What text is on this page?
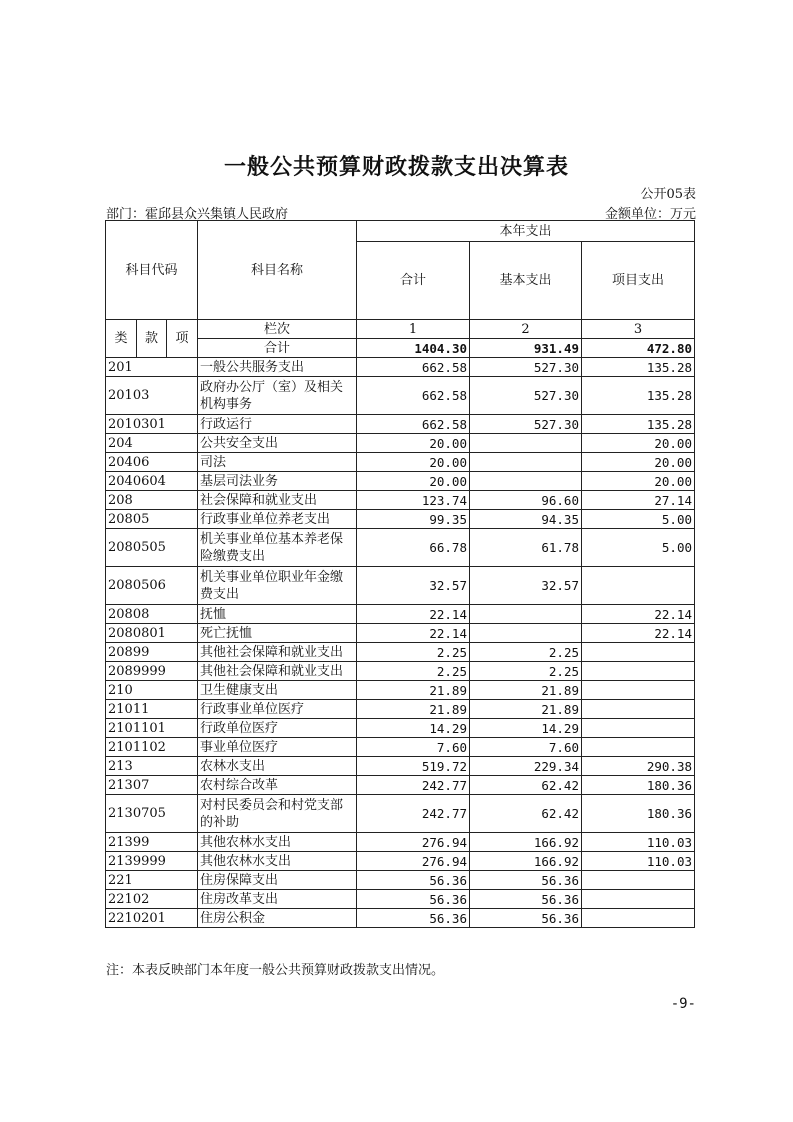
一般公共预算财政拨款支出决算表
公开05表
部门：霍邱县众兴集镇人民政府	金额单位：万元
科目代码			科目名称	本年支出		
				合计	基本支出	项目支出
类	款	项	栏次	1	2	3
			合计	1404.30	931.49	472.80
201			一般公共服务支出	662.58	527.30	135.28
20103			政府办公厅（室）及相关机构事务	662.58	527.30	135.28
2010301			行政运行	662.58	527.30	135.28
204			公共安全支出	20.00		20.00
20406			司法	20.00		20.00
2040604			基层司法业务	20.00		20.00
208			社会保障和就业支出	123.74	96.60	27.14
20805			行政事业单位养老支出	99.35	94.35	5.00
2080505			机关事业单位基本养老保险缴费支出	66.78	61.78	5.00
2080506			机关事业单位职业年金缴费支出	32.57	32.57	
20808			抚恤	22.14		22.14
2080801			死亡抚恤	22.14		22.14
20899			其他社会保障和就业支出	2.25	2.25	
2089999			其他社会保障和就业支出	2.25	2.25	
210			卫生健康支出	21.89	21.89	
21011			行政事业单位医疗	21.89	21.89	
2101101			行政单位医疗	14.29	14.29	
2101102			事业单位医疗	7.60	7.60	
213			农林水支出	519.72	229.34	290.38
21307			农村综合改革	242.77	62.42	180.36
2130705			对村民委员会和村党支部的补助	242.77	62.42	180.36
21399			其他农林水支出	276.94	166.92	110.03
2139999			其他农林水支出	276.94	166.92	110.03
221			住房保障支出	56.36	56.36	
22102			住房改革支出	56.36	56.36	
2210201			住房公积金	56.36	56.36	
注：本表反映部门本年度一般公共预算财政拨款支出情况。
-9-
